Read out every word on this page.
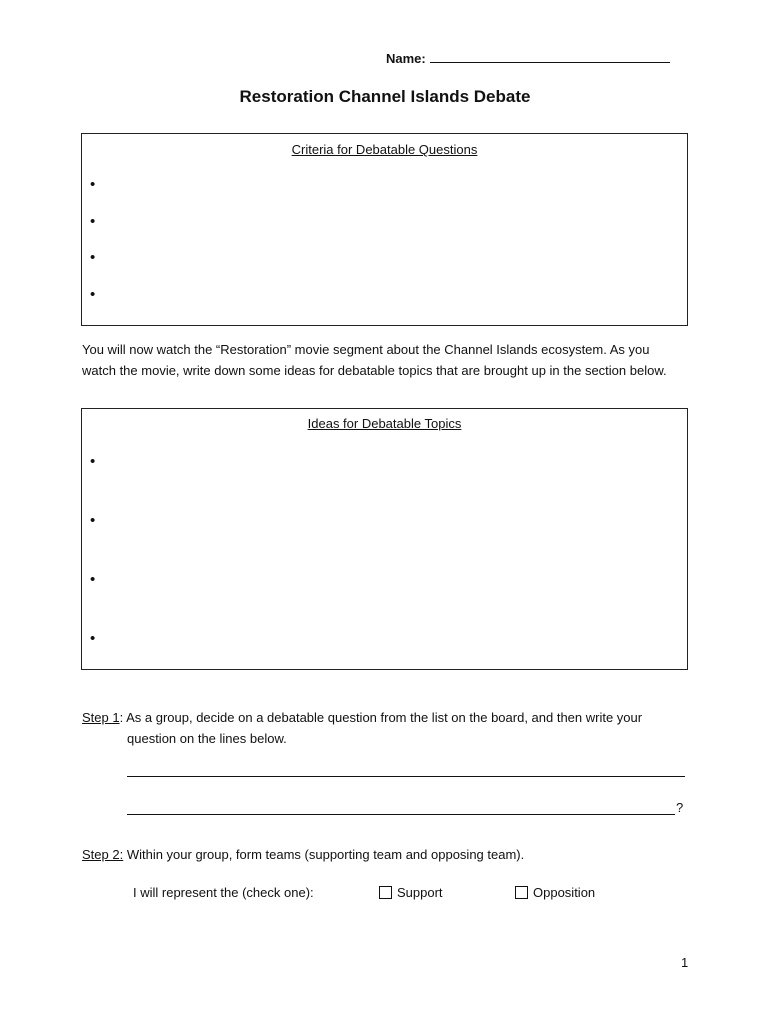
Name:
Restoration Channel Islands Debate
Criteria for Debatable Questions
•
•
•
•
You will now watch the “Restoration” movie segment about the Channel Islands ecosystem. As you watch the movie, write down some ideas for debatable topics that are brought up in the section below.
Ideas for Debatable Topics
•
•
•
•
Step 1: As a group, decide on a debatable question from the list on the board, and then write your question on the lines below.
?
Step 2: Within your group, form teams (supporting team and opposing team).
I will represent the (check one):	Support	Opposition
1
